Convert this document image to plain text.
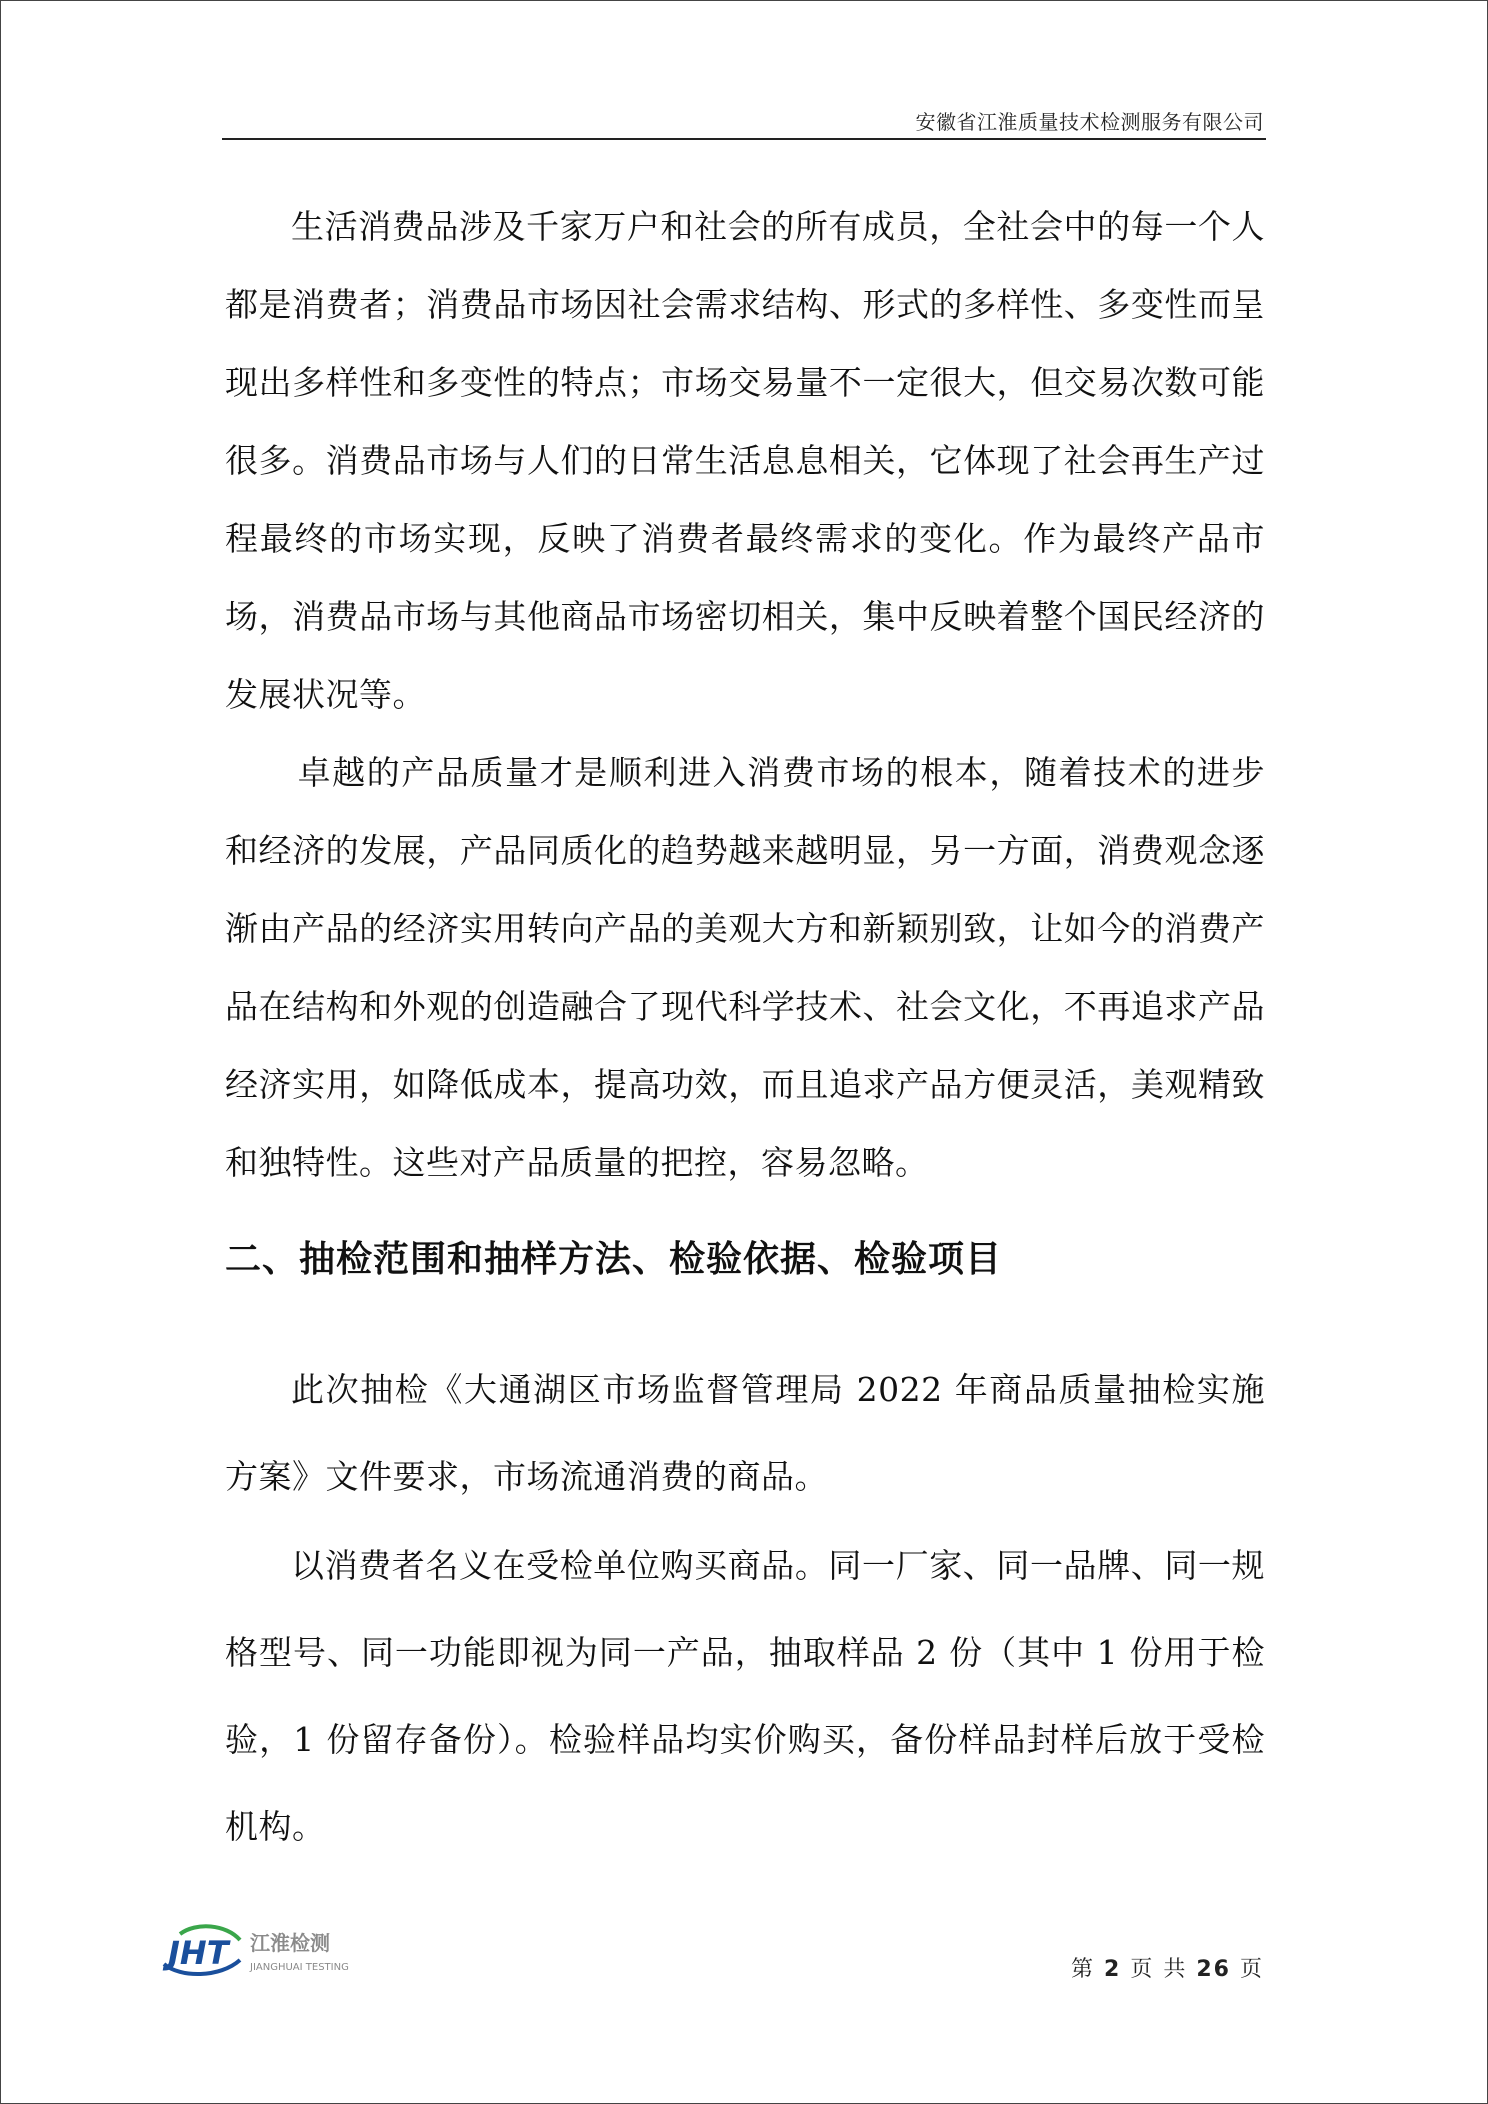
安徽省江淮质量技术检测服务有限公司

生活消费品涉及千家万户和社会的所有成员，全社会中的每一个人都是消费者；消费品市场因社会需求结构、形式的多样性、多变性而呈现出多样性和多变性的特点；市场交易量不一定很大，但交易次数可能很多。消费品市场与人们的日常生活息息相关，它体现了社会再生产过程最终的市场实现，反映了消费者最终需求的变化。作为最终产品市场，消费品市场与其他商品市场密切相关，集中反映着整个国民经济的发展状况等。

卓越的产品质量才是顺利进入消费市场的根本，随着技术的进步和经济的发展，产品同质化的趋势越来越明显，另一方面，消费观念逐渐由产品的经济实用转向产品的美观大方和新颖别致，让如今的消费产品在结构和外观的创造融合了现代科学技术、社会文化，不再追求产品经济实用，如降低成本，提高功效，而且追求产品方便灵活，美观精致和独特性。这些对产品质量的把控，容易忽略。

二、抽检范围和抽样方法、检验依据、检验项目

此次抽检《大通湖区市场监督管理局 2022 年商品质量抽检实施方案》文件要求，市场流通消费的商品。

以消费者名义在受检单位购买商品。同一厂家、同一品牌、同一规格型号、同一功能即视为同一产品，抽取样品 2 份（其中 1 份用于检验，1 份留存备份）。检验样品均实价购买，备份样品封样后放于受检机构。

JHT 江淮检测
JIANGHUAI TESTING	第 2 页 共 26 页
